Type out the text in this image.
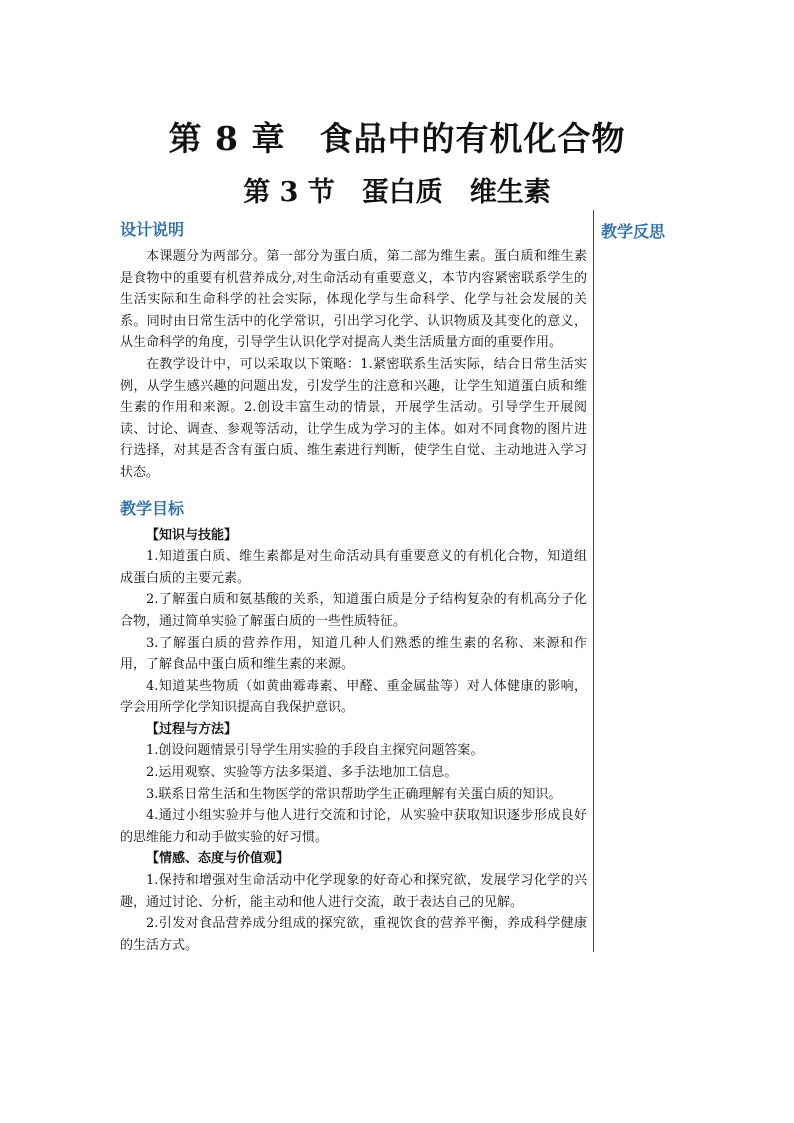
第 8 章　食品中的有机化合物
第 3 节　蛋白质　维生素
教学反思
设计说明

本课题分为两部分。第一部分为蛋白质，第二部为维生素。蛋白质和维生素是食物中的重要有机营养成分,对生命活动有重要意义，本节内容紧密联系学生的生活实际和生命科学的社会实际，体现化学与生命科学、化学与社会发展的关系。同时由日常生活中的化学常识，引出学习化学、认识物质及其变化的意义，从生命科学的角度，引导学生认识化学对提高人类生活质量方面的重要作用。

在教学设计中，可以采取以下策略：1.紧密联系生活实际，结合日常生活实例，从学生感兴趣的问题出发，引发学生的注意和兴趣，让学生知道蛋白质和维生素的作用和来源。2.创设丰富生动的情景，开展学生活动。引导学生开展阅读、讨论、调查、参观等活动，让学生成为学习的主体。如对不同食物的图片进行选择，对其是否含有蛋白质、维生素进行判断，使学生自觉、主动地进入学习状态。

教学目标

【知识与技能】

1.知道蛋白质、维生素都是对生命活动具有重要意义的有机化合物，知道组成蛋白质的主要元素。

2.了解蛋白质和氨基酸的关系，知道蛋白质是分子结构复杂的有机高分子化合物，通过简单实验了解蛋白质的一些性质特征。

3.了解蛋白质的营养作用，知道几种人们熟悉的维生素的名称、来源和作用，了解食品中蛋白质和维生素的来源。

4.知道某些物质（如黄曲霉毒素、甲醛、重金属盐等）对人体健康的影响，学会用所学化学知识提高自我保护意识。

【过程与方法】

1.创设问题情景引导学生用实验的手段自主探究问题答案。

2.运用观察、实验等方法多渠道、多手法地加工信息。

3.联系日常生活和生物医学的常识帮助学生正确理解有关蛋白质的知识。

4.通过小组实验并与他人进行交流和讨论，从实验中获取知识逐步形成良好的思维能力和动手做实验的好习惯。

【情感、态度与价值观】

1.保持和增强对生命活动中化学现象的好奇心和探究欲，发展学习化学的兴趣，通过讨论、分析，能主动和他人进行交流，敢于表达自己的见解。

2.引发对食品营养成分组成的探究欲，重视饮食的营养平衡，养成科学健康的生活方式。
